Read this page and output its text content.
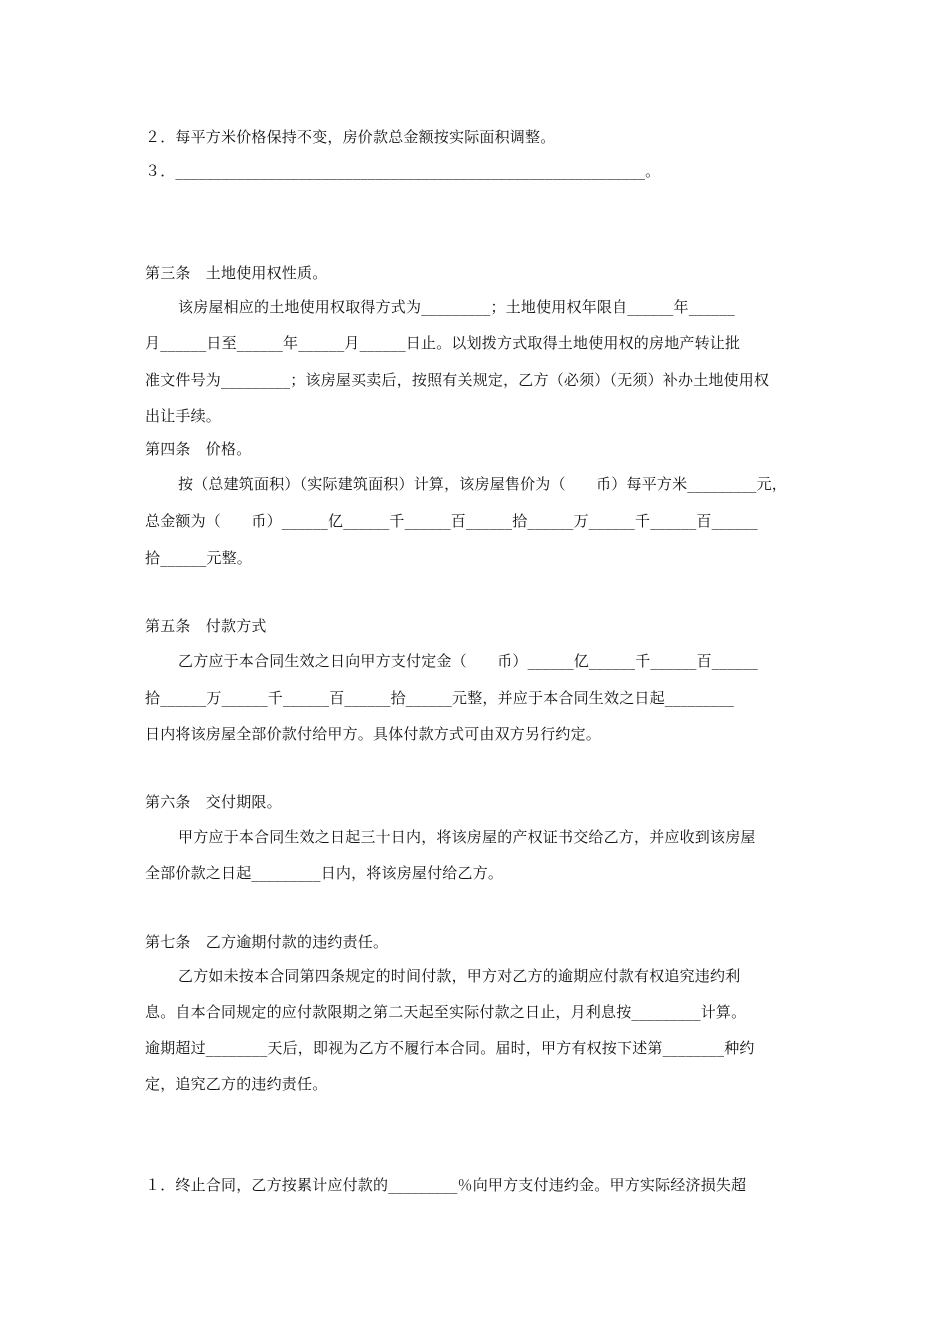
２．每平方米价格保持不变，房价款总金额按实际面积调整。
３．_____________________________________________________________。
第三条　土地使用权性质。
该房屋相应的土地使用权取得方式为_________；土地使用权年限自______年______
月______日至______年______月______日止。以划拨方式取得土地使用权的房地产转让批
准文件号为_________；该房屋买卖后，按照有关规定，乙方（必须）（无须）补办土地使用权
出让手续。
第四条　价格。
按（总建筑面积）（实际建筑面积）计算，该房屋售价为（　　币）每平方米_________元，
总金额为（　　币）______亿______千______百______拾______万______千______百______
拾______元整。
第五条　付款方式
乙方应于本合同生效之日向甲方支付定金（　　币）______亿______千______百______
拾______万______千______百______拾______元整，并应于本合同生效之日起_________
日内将该房屋全部价款付给甲方。具体付款方式可由双方另行约定。
第六条　交付期限。
甲方应于本合同生效之日起三十日内，将该房屋的产权证书交给乙方，并应收到该房屋
全部价款之日起_________日内，将该房屋付给乙方。
第七条　乙方逾期付款的违约责任。
乙方如未按本合同第四条规定的时间付款，甲方对乙方的逾期应付款有权追究违约利
息。自本合同规定的应付款限期之第二天起至实际付款之日止，月利息按_________计算。
逾期超过________天后，即视为乙方不履行本合同。届时，甲方有权按下述第________种约
定，追究乙方的违约责任。
１．终止合同，乙方按累计应付款的_________％向甲方支付违约金。甲方实际经济损失超
